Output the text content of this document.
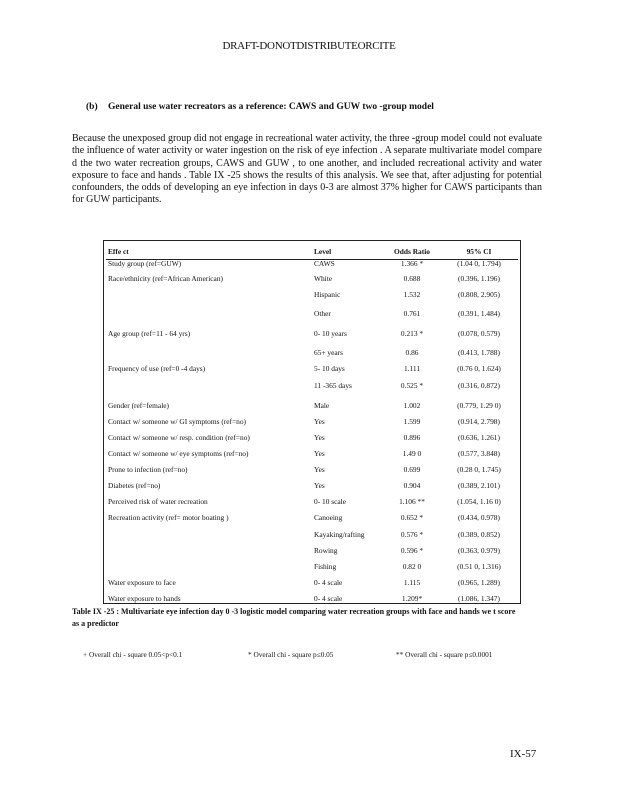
DRAFT-DONOTDISTRIBUTEORCITE
(b) General use water recreators as a reference: CAWS and GUW two -group model
Because the unexposed group did not engage in recreational water activity, the three -group model could not evaluate the influence of water activity or water ingestion on the risk of eye infection . A separate multivariate model compare d the two water recreation groups, CAWS and GUW , to one another, and included recreational activity and water exposure to face and hands . Table IX -25 shows the results of this analysis. We see that, after adjusting for potential confounders, the odds of developing an eye infection in days 0-3 are almost 37% higher for CAWS participants than for GUW participants.
Effe ct	Level	Odds Ratio	95% CI
Study group (ref=GUW)	CAWS	1.366 *	(1.04 0, 1.794)
Race/ethnicity (ref=African American)	White	0.688	(0.396, 1.196)
	Hispanic	1.532	(0.808, 2.905)
	Other	0.761	(0.391, 1.484)
Age group (ref=11 - 64 yrs)	0- 10 years	0.213 *	(0.078, 0.579)
	65+ years	0.86	(0.413, 1.788)
Frequency of use (ref=0 -4 days)	5- 10 days	1.111	(0.76 0, 1.624)
	11 -365 days	0.525 *	(0.316, 0.872)
Gender (ref=female)	Male	1.002	(0.779, 1.29 0)
Contact w/ someone w/ GI symptoms (ref=no)	Yes	1.599	(0.914, 2.798)
Contact w/ someone w/ resp. condition (ref=no)	Yes	0.896	(0.636, 1.261)
Contact w/ someone w/ eye symptoms (ref=no)	Yes	1.49 0	(0.577, 3.848)
Prone to infection (ref=no)	Yes	0.699	(0.28 0, 1.745)
Diabetes (ref=no)	Yes	0.904	(0.389, 2.101)
Perceived risk of water recreation	0- 10 scale	1.106 **	(1.054, 1.16 0)
Recreation activity (ref= motor boating )	Canoeing	0.652 *	(0.434, 0.978)
	Kayaking/rafting	0.576 *	(0.389, 0.852)
	Rowing	0.596 *	(0.363, 0.979)
	Fishing	0.82 0	(0.51 0, 1.316)
Water exposure to face	0- 4 scale	1.115	(0.965, 1.289)
Water exposure to hands	0- 4 scale	1.209*	(1.086, 1.347)
Table IX -25 : Multivariate eye infection day 0 -3 logistic model comparing water recreation groups with face and hands we t score as a predictor
+ Overall chi - square 0.05<p<0.1	* Overall chi - square p≤0.05	** Overall chi - square p≤0.0001
IX-57
